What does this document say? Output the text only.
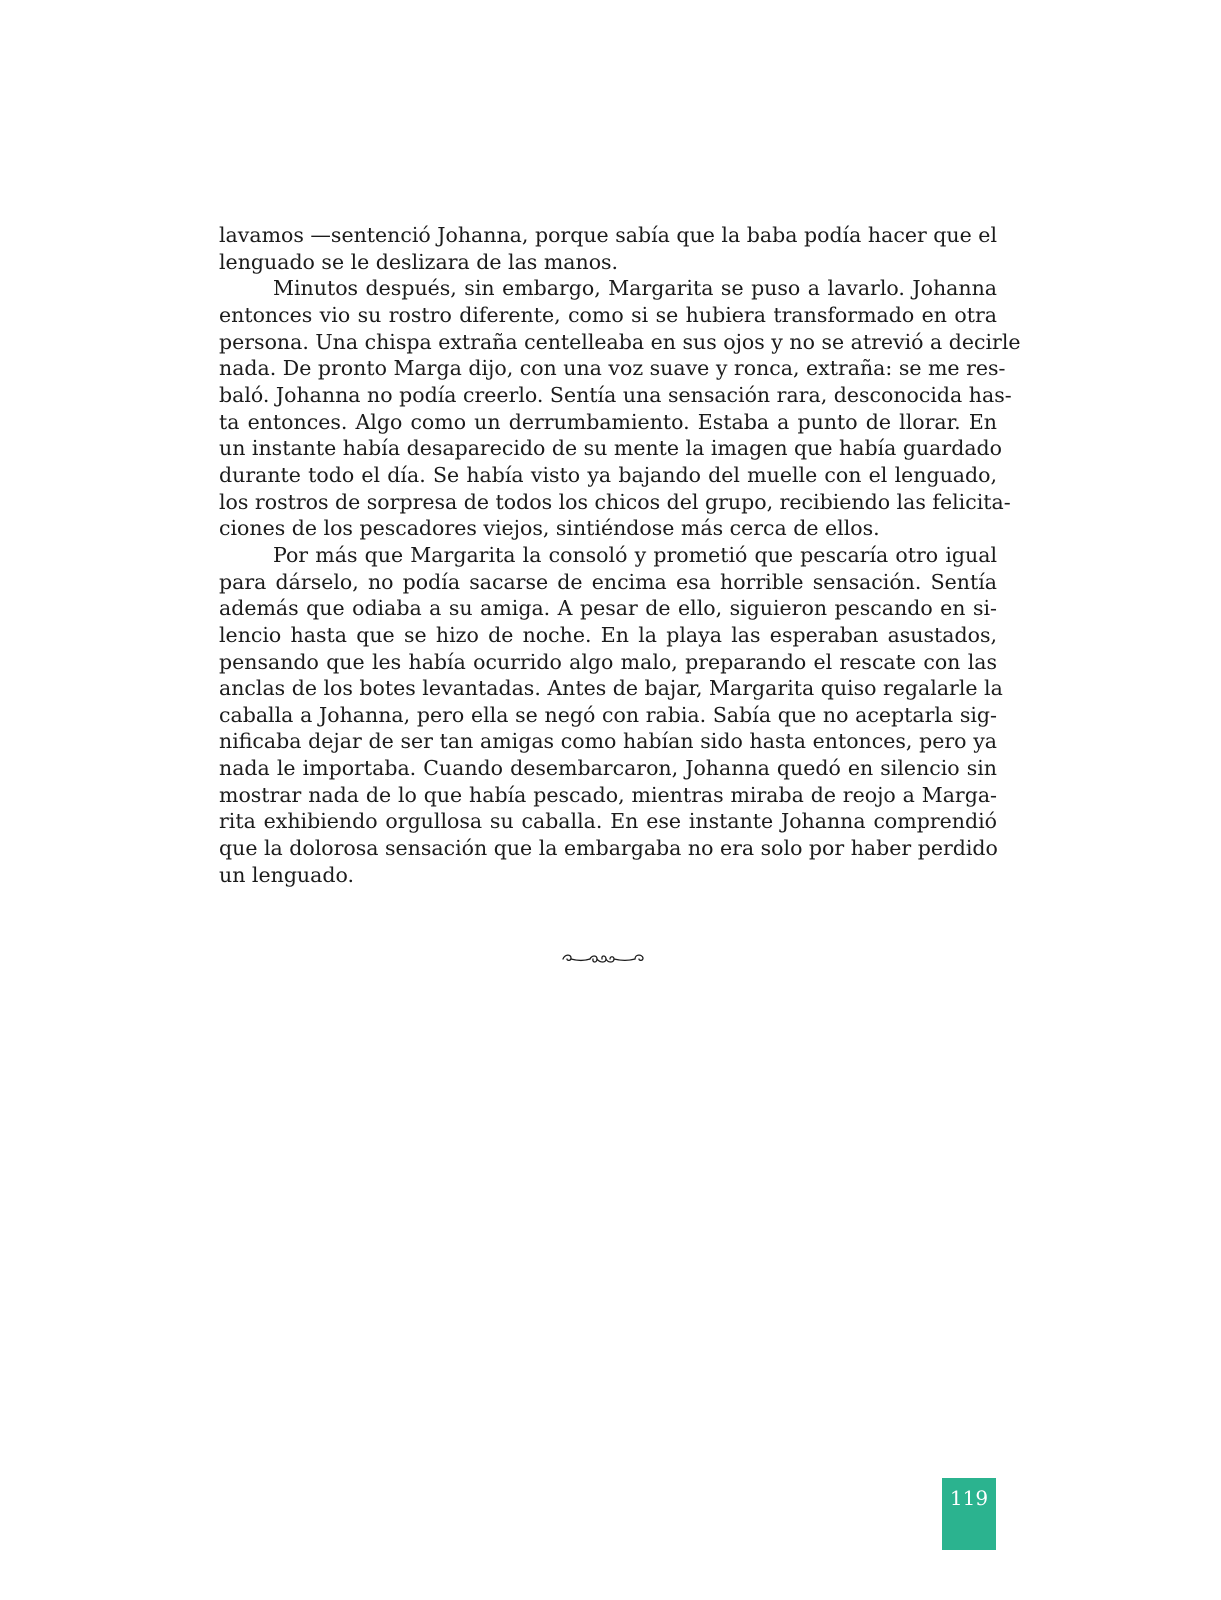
lavamos —sentenció Johanna, porque sabía que la baba podía hacer que el
lenguado se le deslizara de las manos.
Minutos después, sin embargo, Margarita se puso a lavarlo. Johanna
entonces vio su rostro diferente, como si se hubiera transformado en otra
persona. Una chispa extraña centelleaba en sus ojos y no se atrevió a decirle
nada. De pronto Marga dijo, con una voz suave y ronca, extraña: se me res-
baló. Johanna no podía creerlo. Sentía una sensación rara, desconocida has-
ta entonces. Algo como un derrumbamiento. Estaba a punto de llorar. En
un instante había desaparecido de su mente la imagen que había guardado
durante todo el día. Se había visto ya bajando del muelle con el lenguado,
los rostros de sorpresa de todos los chicos del grupo, recibiendo las felicita-
ciones de los pescadores viejos, sintiéndose más cerca de ellos.
Por más que Margarita la consoló y prometió que pescaría otro igual
para dárselo, no podía sacarse de encima esa horrible sensación. Sentía
además que odiaba a su amiga. A pesar de ello, siguieron pescando en si-
lencio hasta que se hizo de noche. En la playa las esperaban asustados,
pensando que les había ocurrido algo malo, preparando el rescate con las
anclas de los botes levantadas. Antes de bajar, Margarita quiso regalarle la
caballa a Johanna, pero ella se negó con rabia. Sabía que no aceptarla sig-
nificaba dejar de ser tan amigas como habían sido hasta entonces, pero ya
nada le importaba. Cuando desembarcaron, Johanna quedó en silencio sin
mostrar nada de lo que había pescado, mientras miraba de reojo a Marga-
rita exhibiendo orgullosa su caballa. En ese instante Johanna comprendió
que la dolorosa sensación que la embargaba no era solo por haber perdido
un lenguado.
119
